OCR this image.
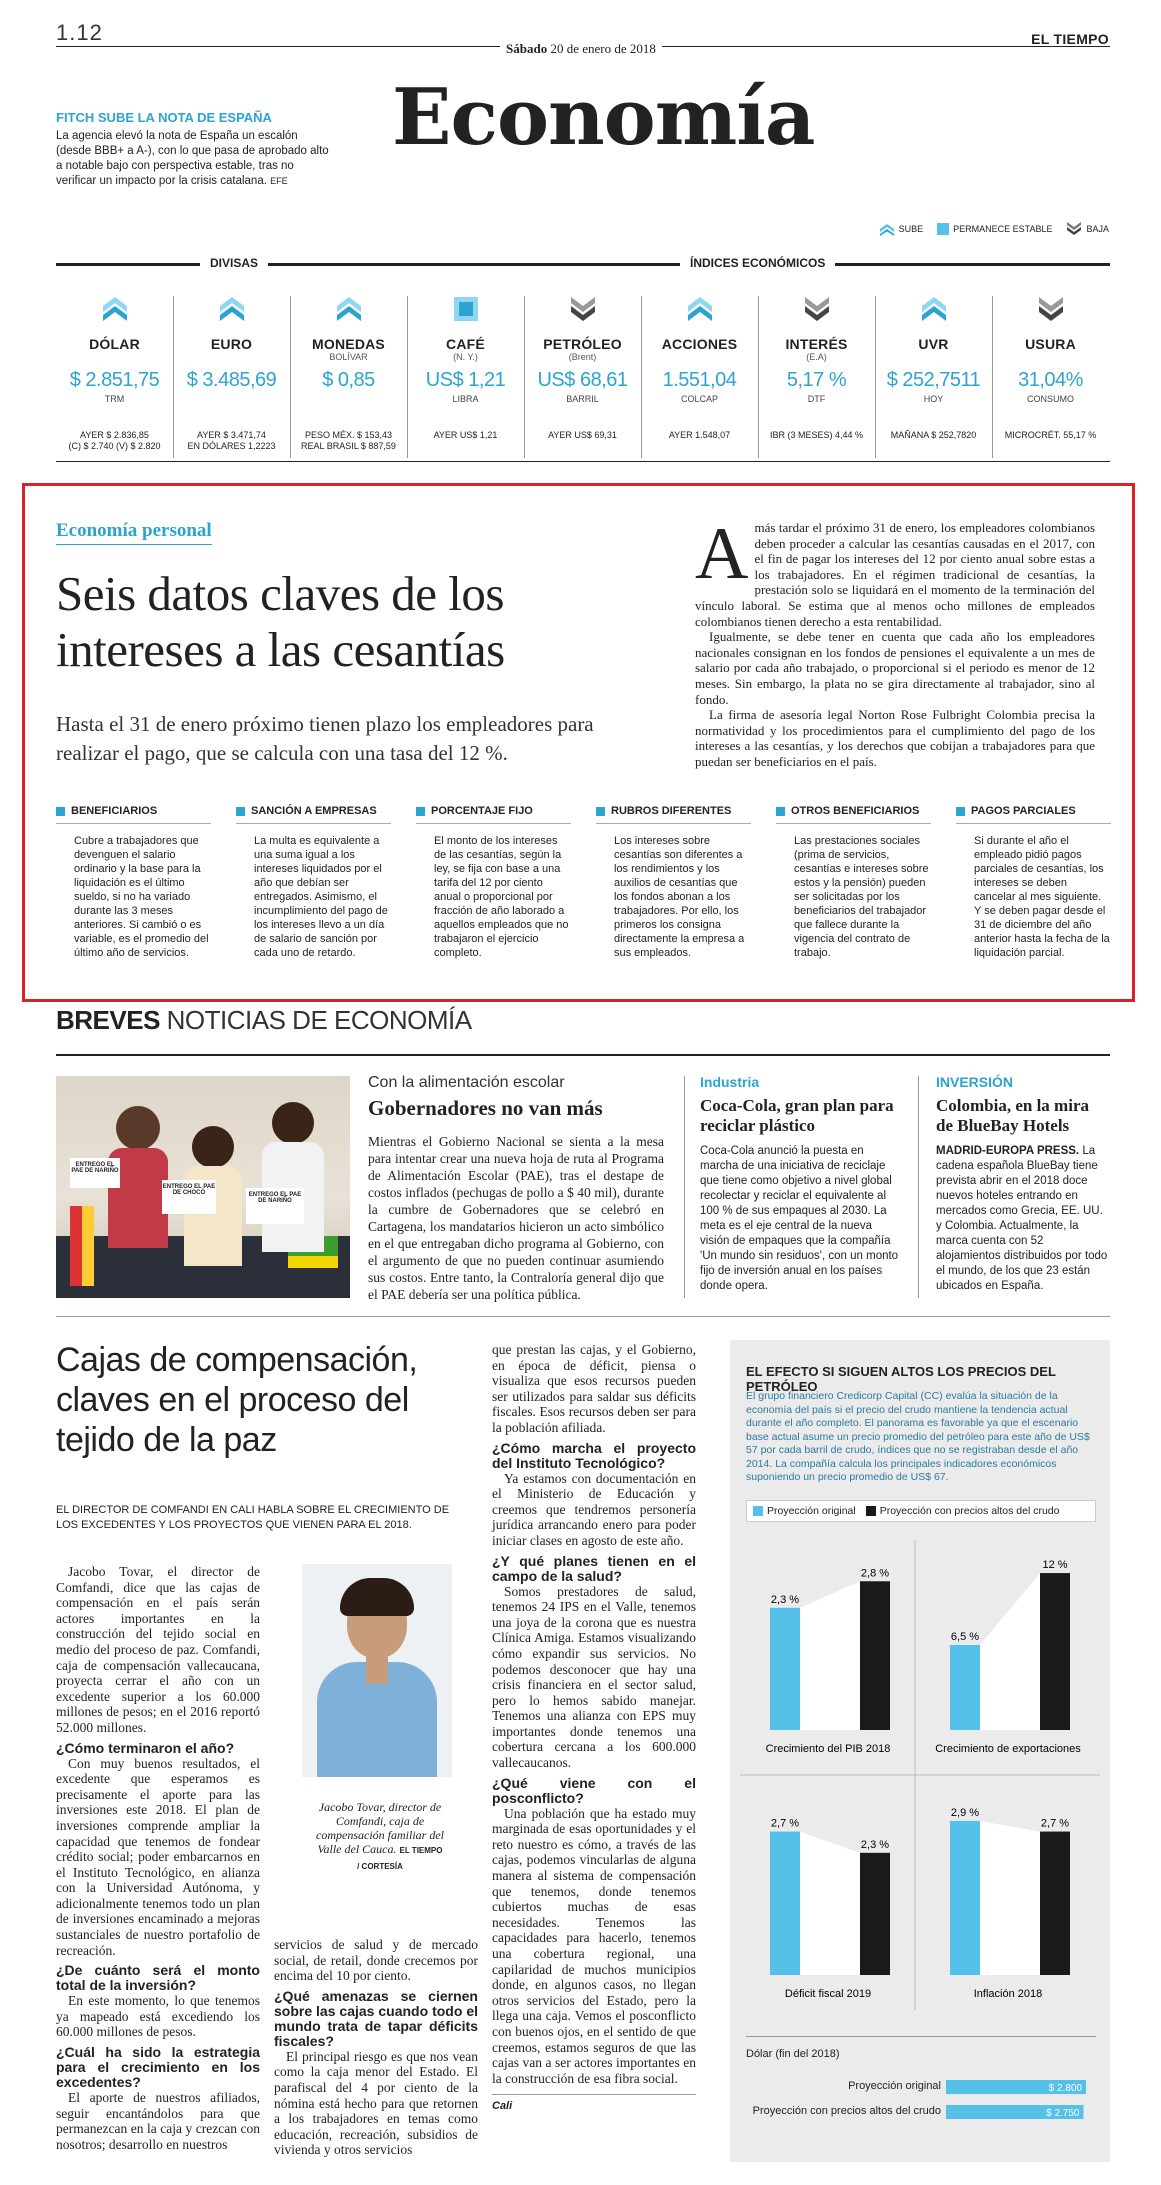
1.12
Sábado 20 de enero de 2018
EL TIEMPO
Economía
FITCH SUBE LA NOTA DE ESPAÑA
La agencia elevó la nota de España un escalón (desde BBB+ a A-), con lo que pasa de aprobado alto a notable bajo con perspectiva estable, tras no verificar un impacto por la crisis catalana. EFE
SUBE	PERMANECE ESTABLE	BAJA
DIVISAS	ÍNDICES ECONÓMICOS
DÓLAR
$ 2.851,75
TRM
AYER $ 2.836,85
(C) $ 2.740 (V) $ 2.820
EURO
$ 3.485,69
AYER $ 3.471,74
EN DÓLARES 1,2223
MONEDAS
BOLÍVAR
$ 0,85
PESO MÉX. $ 153,43
REAL BRASIL $ 887,59
CAFÉ
(N. Y.)
US$ 1,21
LIBRA
AYER US$ 1,21
PETRÓLEO
(Brent)
US$ 68,61
BARRIL
AYER US$ 69,31
ACCIONES
1.551,04
COLCAP
AYER 1.548,07
INTERÉS
(E.A)
5,17 %
DTF
IBR (3 MESES) 4,44 %
UVR
$ 252,7511
HOY
MAÑANA $ 252,7820
USURA
31,04%
CONSUMO
MICROCRÉT. 55,17 %
Economía personal
Seis datos claves de los intereses a las cesantías
Hasta el 31 de enero próximo tienen plazo los empleadores para realizar el pago, que se calcula con una tasa del 12 %.
A más tardar el próximo 31 de enero, los empleadores colombianos deben proceder a calcular las cesantías causadas en el 2017, con el fin de pagar los intereses del 12 por ciento anual sobre estas a los trabajadores. En el régimen tradicional de cesantías, la prestación solo se liquidará en el momento de la terminación del vínculo laboral. Se estima que al menos ocho millones de empleados colombianos tienen derecho a esta rentabilidad.

Igualmente, se debe tener en cuenta que cada año los empleadores nacionales consignan en los fondos de pensiones el equivalente a un mes de salario por cada año trabajado, o proporcional si el periodo es menor de 12 meses. Sin embargo, la plata no se gira directamente al trabajador, sino al fondo.

La firma de asesoría legal Norton Rose Fulbright Colombia precisa la normatividad y los procedimientos para el cumplimiento del pago de los intereses a las cesantías, y los derechos que cobijan a trabajadores para que puedan ser beneficiarios en el país.

BENEFICIARIOS
Cubre a trabajadores que devenguen el salario ordinario y la base para la liquidación es el último sueldo, si no ha variado durante las 3 meses anteriores. Si cambió o es variable, es el promedio del último año de servicios.
SANCIÓN A EMPRESAS
La multa es equivalente a una suma igual a los intereses liquidados por el año que debían ser entregados. Asimismo, el incumplimiento del pago de los intereses llevo a un día de salario de sanción por cada uno de retardo.
PORCENTAJE FIJO
El monto de los intereses de las cesantías, según la ley, se fija con base a una tarifa del 12 por ciento anual o proporcional por fracción de año laborado a aquellos empleados que no trabajaron el ejercicio completo.
RUBROS DIFERENTES
Los intereses sobre cesantías son diferentes a los rendimientos y los auxilios de cesantías que los fondos abonan a los trabajadores. Por ello, los primeros los consigna directamente la empresa a sus empleados.
OTROS BENEFICIARIOS
Las prestaciones sociales (prima de servicios, cesantías e intereses sobre estos y la pensión) pueden ser solicitadas por los beneficiarios del trabajador que fallece durante la vigencia del contrato de trabajo.
PAGOS PARCIALES
Si durante el año el empleado pidió pagos parciales de cesantías, los intereses se deben cancelar al mes siguiente. Y se deben pagar desde el 31 de diciembre del año anterior hasta la fecha de la liquidación parcial.
BREVES NOTICIAS DE ECONOMÍA
ENTREGO EL PAE DE NARIÑO
ENTREGO EL PAE DE CHOCÓ	ENTREGO EL PAE DE NARIÑO
Con la alimentación escolar
Gobernadores no van más
Mientras el Gobierno Nacional se sienta a la mesa para intentar crear una nueva hoja de ruta al Programa de Alimentación Escolar (PAE), tras el destape de costos inflados (pechugas de pollo a $ 40 mil), durante la cumbre de Gobernadores que se celebró en Cartagena, los mandatarios hicieron un acto simbólico en el que entregaban dicho programa al Gobierno, con el argumento de que no pueden continuar asumiendo sus costos. Entre tanto, la Contraloría general dijo que el PAE debería ser una política pública.
Industria
Coca-Cola, gran plan para reciclar plástico
Coca-Cola anunció la puesta en marcha de una iniciativa de reciclaje que tiene como objetivo a nivel global recolectar y reciclar el equivalente al 100 % de sus empaques al 2030. La meta es el eje central de la nueva visión de empaques que la compañía 'Un mundo sin residuos', con un monto fijo de inversión anual en los países donde opera.
INVERSIÓN
Colombia, en la mira de BlueBay Hotels
MADRID-EUROPA PRESS. La cadena española BlueBay tiene prevista abrir en el 2018 doce nuevos hoteles entrando en mercados como Grecia, EE. UU. y Colombia. Actualmente, la marca cuenta con 52 alojamientos distribuidos por todo el mundo, de los que 23 están ubicados en España.
Cajas de compensación, claves en el proceso del tejido de la paz
EL DIRECTOR DE COMFANDI EN CALI HABLA SOBRE EL CRECIMIENTO DE LOS EXCEDENTES Y LOS PROYECTOS QUE VIENEN PARA EL 2018.

Jacobo Tovar, el director de Comfandi, dice que las cajas de compensación en el país serán actores importantes en la construcción del tejido social en medio del proceso de paz. Comfandi, caja de compensación vallecaucana, proyecta cerrar el año con un excedente superior a los 60.000 millones de pesos; en el 2016 reportó 52.000 millones.

¿Cómo terminaron el año?

Con muy buenos resultados, el excedente que esperamos es precisamente el aporte para las inversiones este 2018. El plan de inversiones comprende ampliar la capacidad que tenemos de fondear crédito social; poder embarcarnos en el Instituto Tecnológico, en alianza con la Universidad Autónoma, y adicionalmente tenemos todo un plan de inversiones encaminado a mejoras sustanciales de nuestro portafolio de recreación.

¿De cuánto será el monto total de la inversión?

En este momento, lo que tenemos ya mapeado está excediendo los 60.000 millones de pesos.

¿Cuál ha sido la estrategia para el crecimiento en los excedentes?

El aporte de nuestros afiliados, seguir encantándolos para que permanezcan en la caja y crezcan con nosotros; desarrollo en nuestros

Jacobo Tovar, director de Comfandi, caja de compensación familiar del Valle del Cauca. EL TIEMPO / CORTESÍA

servicios de salud y de mercado social, de retail, donde crecemos por encima del 10 por ciento.

¿Qué amenazas se ciernen sobre las cajas cuando todo el mundo trata de tapar déficits fiscales?

El principal riesgo es que nos vean como la caja menor del Estado. El parafiscal del 4 por ciento de la nómina está hecho para que retornen a los trabajadores en temas como educación, recreación, subsidios de vivienda y otros servicios

que prestan las cajas, y el Gobierno, en época de déficit, piensa o visualiza que esos recursos pueden ser utilizados para saldar sus déficits fiscales. Esos recursos deben ser para la población afiliada.

¿Cómo marcha el proyecto del Instituto Tecnológico?

Ya estamos con documentación en el Ministerio de Educación y creemos que tendremos personería jurídica arrancando enero para poder iniciar clases en agosto de este año.

¿Y qué planes tienen en el campo de la salud?

Somos prestadores de salud, tenemos 24 IPS en el Valle, tenemos una joya de la corona que es nuestra Clínica Amiga. Estamos visualizando cómo expandir sus servicios. No podemos desconocer que hay una crisis financiera en el sector salud, pero lo hemos sabido manejar. Tenemos una alianza con EPS muy importantes donde tenemos una cobertura cercana a los 600.000 vallecaucanos.

¿Qué viene con el posconflicto?

Una población que ha estado muy marginada de esas oportunidades y el reto nuestro es cómo, a través de las cajas, podemos vincularlas de alguna manera al sistema de compensación que tenemos, donde tenemos cubiertos muchas de esas necesidades. Tenemos las capacidades para hacerlo, tenemos una cobertura regional, una capilaridad de muchos municipios donde, en algunos casos, no llegan otros servicios del Estado, pero la llega una caja. Vemos el posconflicto con buenos ojos, en el sentido de que creemos, estamos seguros de que las cajas van a ser actores importantes en la construcción de esa fibra social.

Cali
EL EFECTO SI SIGUEN ALTOS LOS PRECIOS DEL PETRÓLEO
El grupo financiero Credicorp Capital (CC) evalúa la situación de la economía del país si el precio del crudo mantiene la tendencia actual durante el año completo. El panorama es favorable ya que el escenario base actual asume un precio promedio del petróleo para este año de US$ 57 por cada barril de crudo, índices que no se registraban desde el año 2014. La compañía calcula los principales indicadores económicos suponiendo un precio promedio de US$ 67.
Proyección original Proyección con precios altos del crudo
2,3 %
2,8 %
Crecimiento del PIB 2018
6,5 %
12 %
Crecimiento de exportaciones
2,7 %
2,3 %
Déficit fiscal 2019
2,9 %
2,7 %
Inflación 2018
Dólar (fin del 2018)
Proyección original
Proyección con precios altos del crudo
$ 2.800
$ 2.750
